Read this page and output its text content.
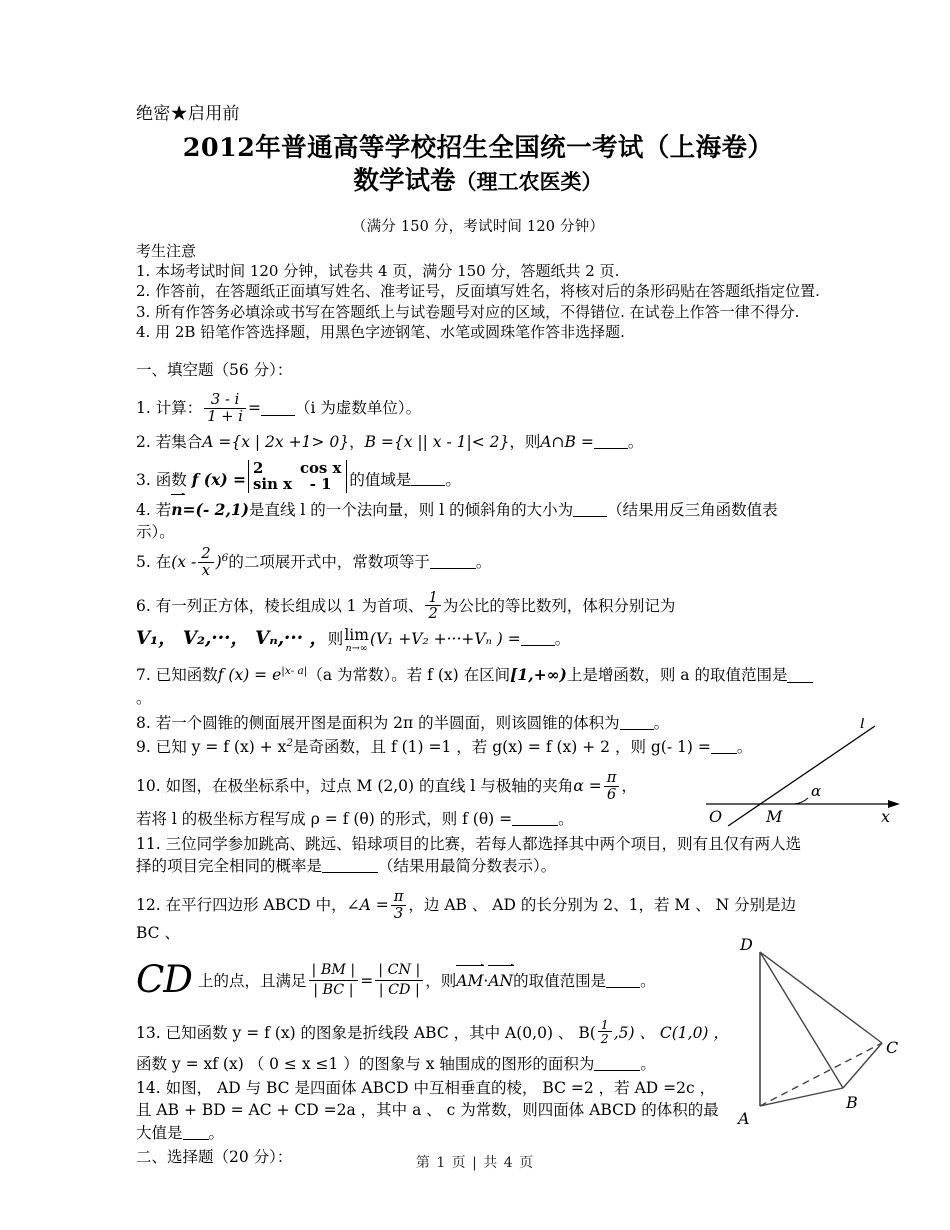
绝密★启用前
2012年普通高等学校招生全国统一考试（上海卷）
数学试卷（理工农医类）
（满分 150 分，考试时间 120 分钟）
考生注意
1. 本场考试时间 120 分钟，试卷共 4 页，满分 150 分，答题纸共 2 页.
2. 作答前，在答题纸正面填写姓名、准考证号，反面填写姓名，将核对后的条形码贴在答题纸指定位置.
3. 所有作答务必填涂或书写在答题纸上与试卷题号对应的区域，不得错位. 在试卷上作答一律不得分.
4. 用 2B 铅笔作答选择题，用黑色字迹钢笔、水笔或圆珠笔作答非选择题.
一、填空题（56 分）：
1. 计算： $\frac{3 - i}{1 + i} = (i$ 为虚数单位）。
2. 若集合A ={x | 2x +1> 0}，B ={x || x - 1|< 2}，则A∩B = 。
3. 函数 f (x) =
2	cos x
sin x	- 1 的值域是 。
4. 若n=(- 2,1)是直线 l 的一个法向量，则 l 的倾斜角的大小为 （结果用反三角函数值表
示）。
5. 在$(x - \frac{2}{x} )^6$的二项展开式中，常数项等于	。
6. 有一列正方体，棱长组成以 1 为首项、 $\frac{1}{2}$ 为公比的等比数列，体积分别记为
V₁， V₂,···， Vₙ,··· ，则 lim
n→∞ (V₁ +V₂ +···+Vₙ ) = 。
7. 已知函数f $(x) = e^{|x- a|}(a$ 为常数）。若 f (x) 在区间[1,+∞)上是增函数，则 a 的取值范围是
。
8. 若一个圆锥的侧面展开图是面积为 2π 的半圆面，则该圆锥的体积为 。
9. 已知 y = f $(x) + x^2$是奇函数，且 f (1) =1 ，若 g(x) = f (x) + 2 ，则 g(- 1) = 。
10. 如图，在极坐标系中，过点 M (2,0) 的直线 l 与极轴的夹角$\alpha = \frac{\pi}{6}$ ，
若将 l 的极坐标方程写成 ρ = f (θ) 的形式，则 f (θ) =	。
11. 三位同学参加跳高、跳远、铅球项目的比赛，若每人都选择其中两个项目，则有且仅有两人选
择的项目完全相同的概率是	（结果用最简分数表示）。
12. 在平行四边形 ABCD 中，∠A = $\frac{\pi}{3}$ ，边 AB 、 AD 的长分别为 2、1，若 M 、 N 分别是边 BC 、
CD 上的点，且满足 $\frac{| BM |}{| BC |} = \frac{| CN |}{| CD |}$ ，则AM·AN的取值范围是 。
13. 已知函数 y = f (x) 的图象是折线段 ABC ，其中 A(0,0) 、 $B( \frac{1}{2} ,5)$ 、 C(1,0) ，
函数 y = xf (x) （ 0 ≤ x ≤1 ）的图象与 x 轴围成的图形的面积为	。
14. 如图， AD 与 BC 是四面体 ABCD 中互相垂直的棱， BC =2 ，若 AD =2c ，
且 AB + BD = AC + CD =2a ，其中 a 、 c 为常数，则四面体 ABCD 的体积的最
大值是 。
二、选择题（20 分）：
O	M	x
α
l
D
A
B
C
第 1 页 | 共 4 页
